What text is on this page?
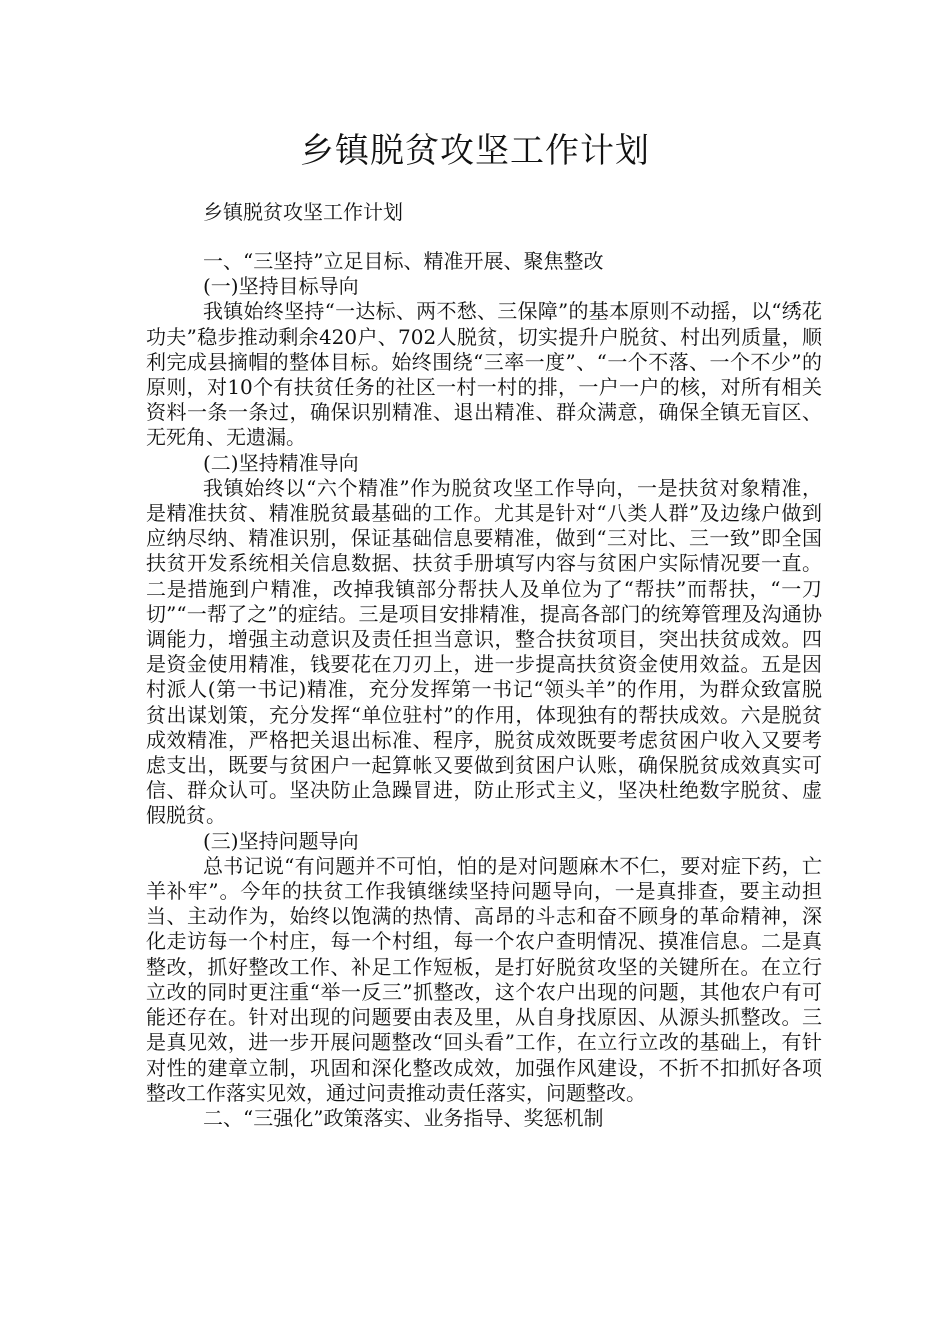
乡镇脱贫攻坚工作计划

乡镇脱贫攻坚工作计划

一、“三坚持”立足目标、精准开展、聚焦整改

(一)坚持目标导向

我镇始终坚持“一达标、两不愁、三保障”的基本原则不动摇，以“绣花功夫”稳步推动剩余420户、702人脱贫，切实提升户脱贫、村出列质量，顺利完成县摘帽的整体目标。始终围绕“三率一度”、“一个不落、一个不少”的原则，对10个有扶贫任务的社区一村一村的排，一户一户的核，对所有相关资料一条一条过，确保识别精准、退出精准、群众满意，确保全镇无盲区、无死角、无遗漏。

(二)坚持精准导向

我镇始终以“六个精准”作为脱贫攻坚工作导向，一是扶贫对象精准，是精准扶贫、精准脱贫最基础的工作。尤其是针对“八类人群”及边缘户做到应纳尽纳、精准识别，保证基础信息要精准，做到“三对比、三一致”即全国扶贫开发系统相关信息数据、扶贫手册填写内容与贫困户实际情况要一直。二是措施到户精准，改掉我镇部分帮扶人及单位为了“帮扶”而帮扶，“一刀切”“一帮了之”的症结。三是项目安排精准，提高各部门的统筹管理及沟通协调能力，增强主动意识及责任担当意识，整合扶贫项目，突出扶贫成效。四是资金使用精准，钱要花在刀刃上，进一步提高扶贫资金使用效益。五是因村派人(第一书记)精准，充分发挥第一书记“领头羊”的作用，为群众致富脱贫出谋划策，充分发挥“单位驻村”的作用，体现独有的帮扶成效。六是脱贫成效精准，严格把关退出标准、程序，脱贫成效既要考虑贫困户收入又要考虑支出，既要与贫困户一起算帐又要做到贫困户认账，确保脱贫成效真实可信、群众认可。坚决防止急躁冒进，防止形式主义，坚决杜绝数字脱贫、虚假脱贫。

(三)坚持问题导向

总书记说“有问题并不可怕，怕的是对问题麻木不仁，要对症下药，亡羊补牢”。今年的扶贫工作我镇继续坚持问题导向，一是真排查，要主动担当、主动作为，始终以饱满的热情、高昂的斗志和奋不顾身的革命精神，深化走访每一个村庄，每一个村组，每一个农户查明情况、摸准信息。二是真整改，抓好整改工作、补足工作短板，是打好脱贫攻坚的关键所在。在立行立改的同时更注重“举一反三”抓整改，这个农户出现的问题，其他农户有可能还存在。针对出现的问题要由表及里，从自身找原因、从源头抓整改。三是真见效，进一步开展问题整改“回头看”工作，在立行立改的基础上，有针对性的建章立制，巩固和深化整改成效，加强作风建设，不折不扣抓好各项整改工作落实见效，通过问责推动责任落实，问题整改。

二、“三强化”政策落实、业务指导、奖惩机制
